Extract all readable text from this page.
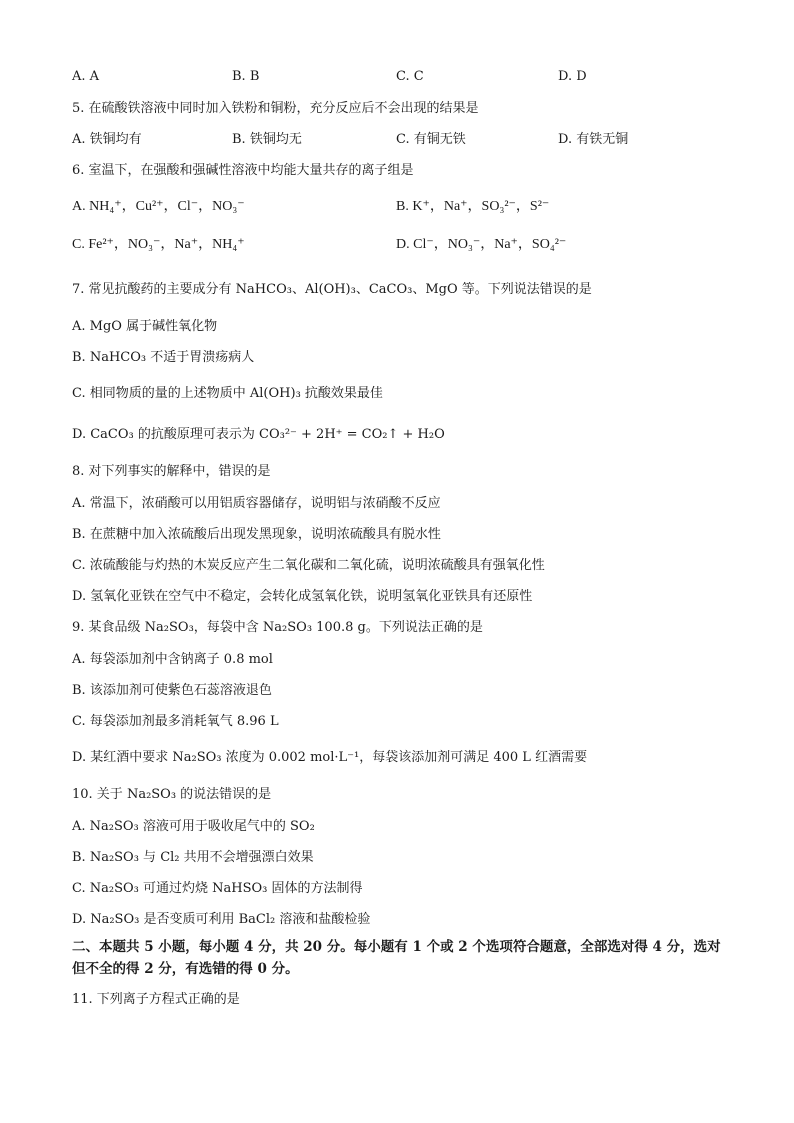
A. A	B. B	C. C	D. D
5. 在硫酸铁溶液中同时加入铁粉和铜粉，充分反应后不会出现的结果是
A. 铁铜均有	B. 铁铜均无	C. 有铜无铁	D. 有铁无铜
6. 室温下，在强酸和强碱性溶液中均能大量共存的离子组是
A. NH₄⁺，Cu²⁺，Cl⁻，NO₃⁻	B. K⁺，Na⁺，SO₃²⁻，S²⁻
C. Fe²⁺，NO₃⁻，Na⁺，NH₄⁺	D. Cl⁻，NO₃⁻，Na⁺，SO₄²⁻
7. 常见抗酸药的主要成分有 NaHCO₃、Al(OH)₃、CaCO₃、MgO 等。下列说法错误的是
A. MgO 属于碱性氧化物
B. NaHCO₃ 不适于胃溃疡病人
C. 相同物质的量的上述物质中 Al(OH)₃ 抗酸效果最佳
D. CaCO₃ 的抗酸原理可表示为 CO₃²⁻ + 2H⁺ = CO₂↑ + H₂O
8. 对下列事实的解释中，错误的是
A. 常温下，浓硝酸可以用铝质容器储存，说明铝与浓硝酸不反应
B. 在蔗糖中加入浓硫酸后出现发黑现象，说明浓硫酸具有脱水性
C. 浓硫酸能与灼热的木炭反应产生二氧化碳和二氧化硫，说明浓硫酸具有强氧化性
D. 氢氧化亚铁在空气中不稳定，会转化成氢氧化铁，说明氢氧化亚铁具有还原性
9. 某食品级 Na₂SO₃，每袋中含 Na₂SO₃ 100.8 g。下列说法正确的是
A. 每袋添加剂中含钠离子 0.8 mol
B. 该添加剂可使紫色石蕊溶液退色
C. 每袋添加剂最多消耗氧气 8.96 L
D. 某红酒中要求 Na₂SO₃ 浓度为 0.002 mol·L⁻¹，每袋该添加剂可满足 400 L 红酒需要
10. 关于 Na₂SO₃ 的说法错误的是
A. Na₂SO₃ 溶液可用于吸收尾气中的 SO₂
B. Na₂SO₃ 与 Cl₂ 共用不会增强漂白效果
C. Na₂SO₃ 可通过灼烧 NaHSO₃ 固体的方法制得
D. Na₂SO₃ 是否变质可利用 BaCl₂ 溶液和盐酸检验
二、本题共 5 小题，每小题 4 分，共 20 分。每小题有 1 个或 2 个选项符合题意，全部选对得 4 分，选对但不全的得 2 分，有选错的得 0 分。
11. 下列离子方程式正确的是
